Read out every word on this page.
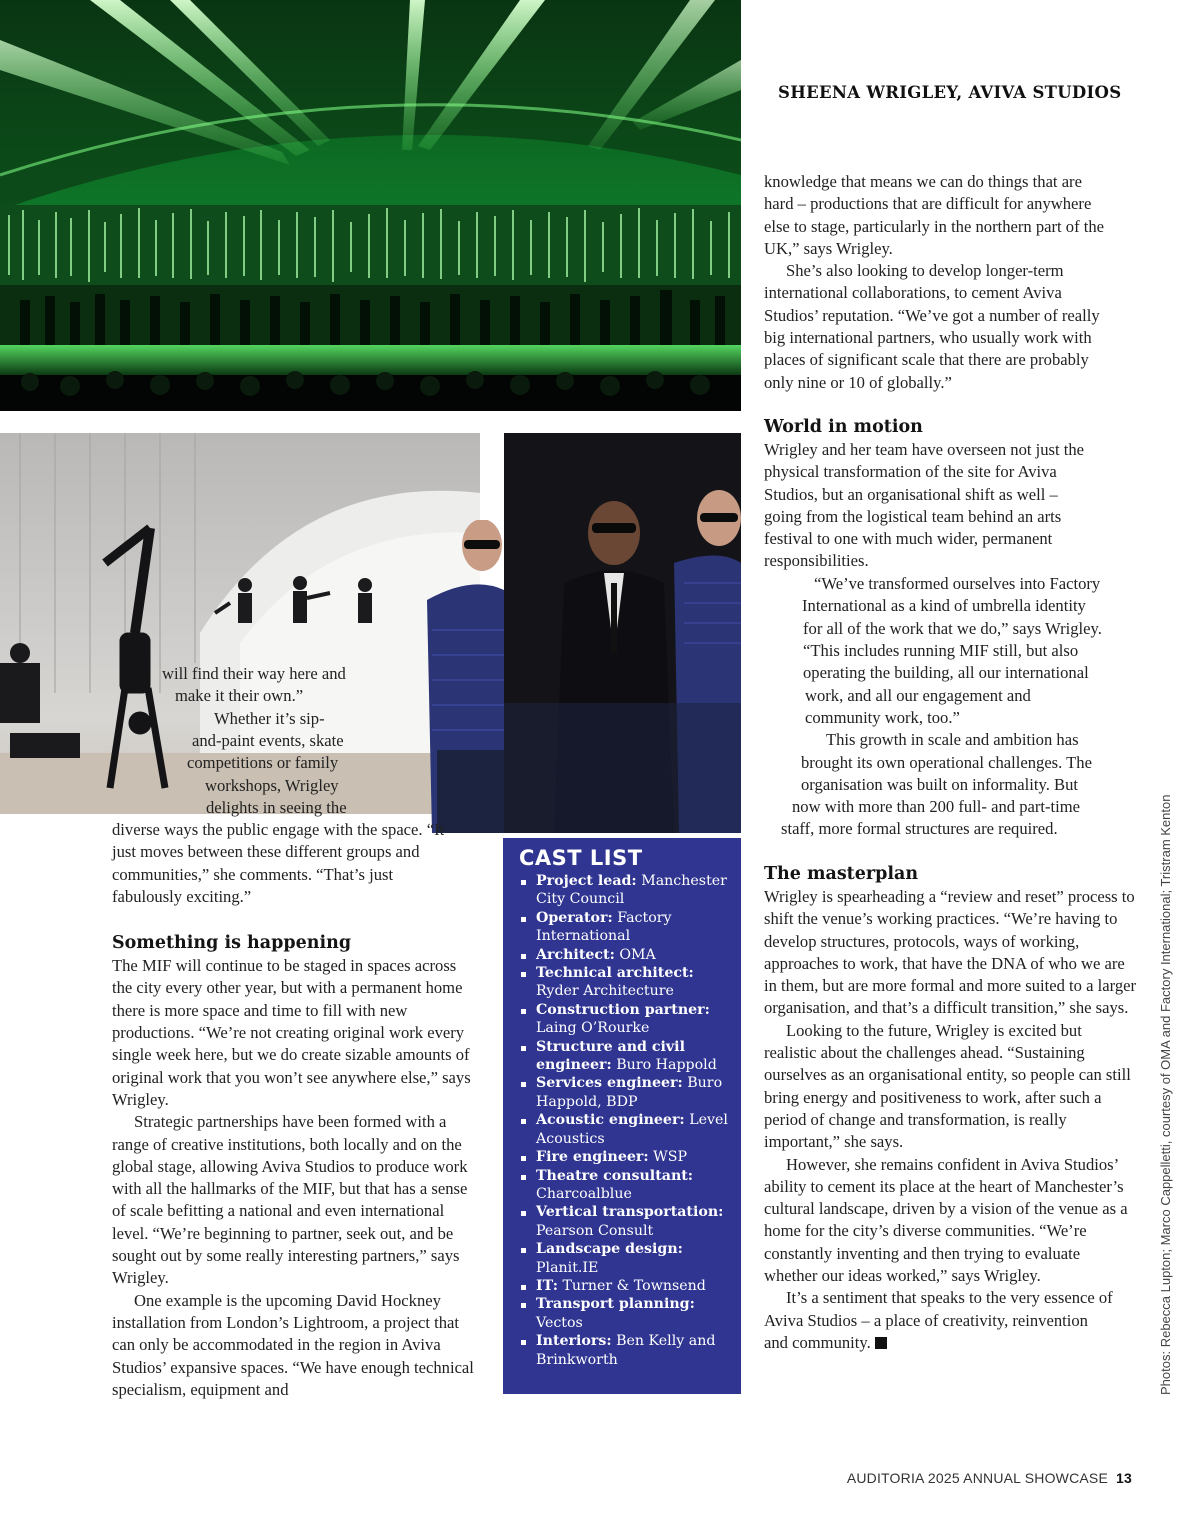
SHEENA WRIGLEY, AVIVA STUDIOS
will find their way here and
make it their own.”
Whether it’s sip-
and-paint events, skate
competitions or family
workshops, Wrigley
delights in seeing the

diverse ways the public engage with the space. “It just moves between these different groups and communities,” she comments. “That’s just fabulously exciting.”

Something is happening

The MIF will continue to be staged in spaces across the city every other year, but with a permanent home there is more space and time to fill with new productions. “We’re not creating original work every single week here, but we do create sizable amounts of original work that you won’t see anywhere else,” says Wrigley.

Strategic partnerships have been formed with a range of creative institutions, both locally and on the global stage, allowing Aviva Studios to produce work with all the hallmarks of the MIF, but that has a sense of scale befitting a national and even international level. “We’re beginning to partner, seek out, and be sought out by some really interesting partners,” says Wrigley.

One example is the upcoming David Hockney installation from London’s Lightroom, a project that can only be accommodated in the region in Aviva Studios’ expansive spaces. “We have enough technical specialism, equipment and

CAST LIST
Project lead: Manchester City Council
Operator: Factory International
Architect: OMA
Technical architect: Ryder Architecture
Construction partner: Laing O’Rourke
Structure and civil engineer: Buro Happold
Services engineer: Buro Happold, BDP
Acoustic engineer: Level Acoustics
Fire engineer: WSP
Theatre consultant: Charcoalblue
Vertical transportation: Pearson Consult
Landscape design: Planit.IE
IT: Turner & Townsend
Transport planning: Vectos
Interiors: Ben Kelly and Brinkworth

knowledge that means we can do things that are hard – productions that are difficult for anywhere else to stage, particularly in the northern part of the UK,” says Wrigley.

She’s also looking to develop longer-term international collaborations, to cement Aviva Studios’ reputation. “We’ve got a number of really big international partners, who usually work with places of significant scale that there are probably only nine or 10 of globally.”

World in motion

Wrigley and her team have overseen not just the physical transformation of the site for Aviva Studios, but an organisational shift as well – going from the logistical team behind an arts festival to one with much wider, permanent responsibilities.

“We’ve transformed ourselves into Factory
International as a kind of umbrella identity
for all of the work that we do,” says Wrigley.
“This includes running MIF still, but also
operating the building, all our international
work, and all our engagement and
community work, too.”
This growth in scale and ambition has
brought its own operational challenges. The
organisation was built on informality. But
now with more than 200 full- and part-time
staff, more formal structures are required.

The masterplan

Wrigley is spearheading a “review and reset” process to shift the venue’s working practices. “We’re having to develop structures, protocols, ways of working, approaches to work, that have the DNA of who we are in them, but are more formal and more suited to a larger organisation, and that’s a difficult transition,” she says.

Looking to the future, Wrigley is excited but realistic about the challenges ahead. “Sustaining ourselves as an organisational entity, so people can still bring energy and positiveness to work, after such a period of change and transformation, is really important,” she says.

However, she remains confident in Aviva Studios’ ability to cement its place at the heart of Manchester’s cultural landscape, driven by a vision of the venue as a home for the city’s diverse communities. “We’re constantly inventing and then trying to evaluate whether our ideas worked,” says Wrigley.

It’s a sentiment that speaks to the very essence of Aviva Studios – a place of creativity, reinvention and community.	Photos: Rebecca Lupton; Marco Cappelletti, courtesy of OMA and Factory International; Tristram Kenton
AUDITORIA 2025 ANNUAL SHOWCASE 13
